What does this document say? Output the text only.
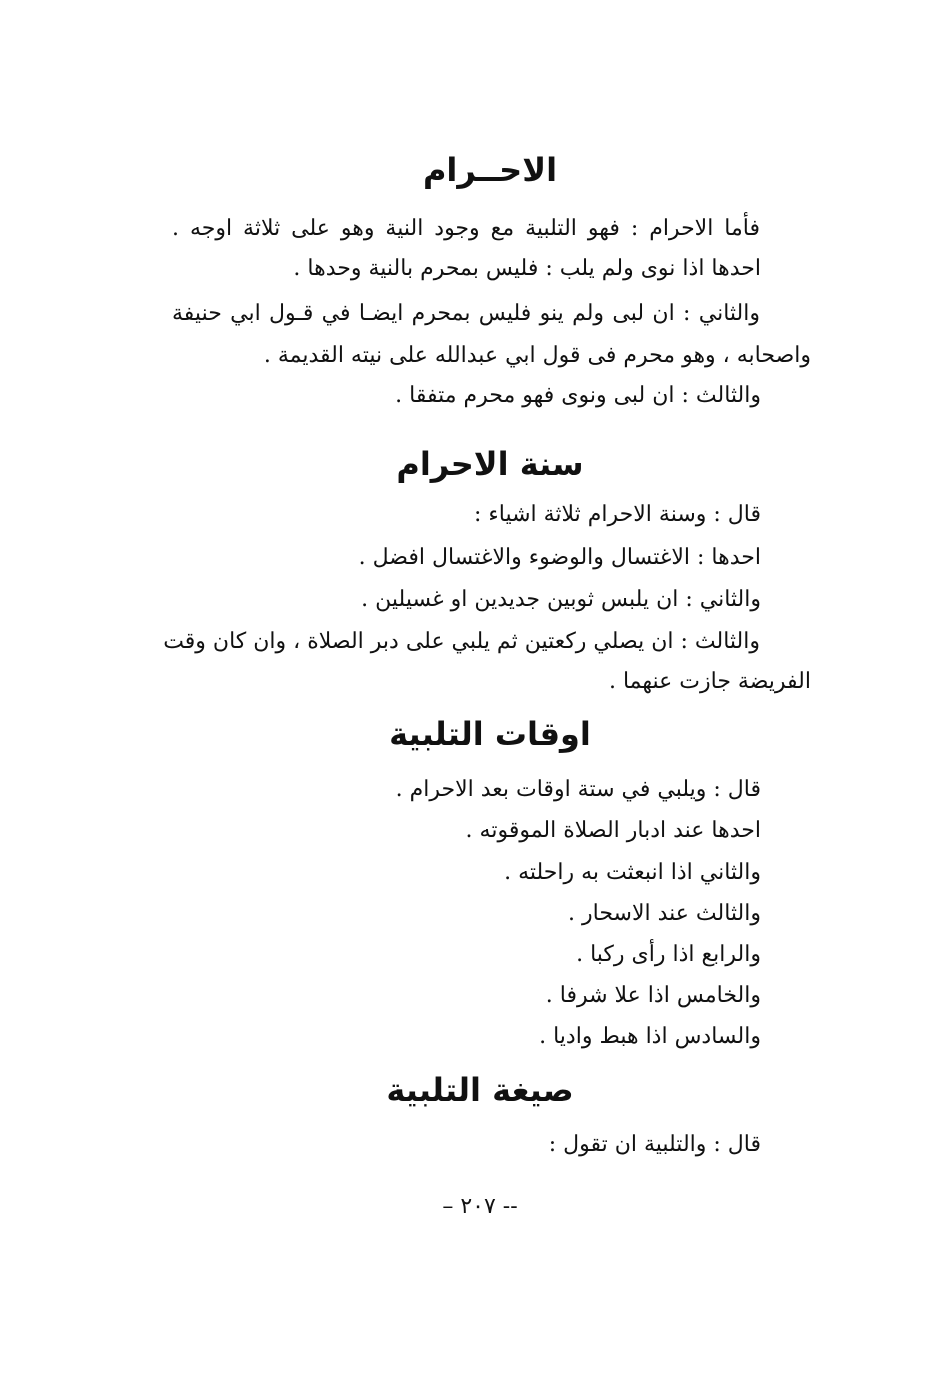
الاحــرام

فأما الاحرام : فهو التلبية مع وجود النية وهو على ثلاثة اوجه ‌.

احدها اذا نوى ولم يلب : فليس بمحرم بالنية وحدها .

والثاني : ان لبى ولم ينو فليس بمحرم ايضـا في قـول ابي حنيفة

واصحابه ، وهو محرم فى قول ابي عبدالله على نيته القديمة .

والثالث : ان لبى ونوى فهو محرم متفقا .

سنة الاحرام

قال : وسنة الاحرام ثلاثة اشياء :

احدها : الاغتسال والوضوء والاغتسال افضل .

والثاني : ان يلبس ثوبين جديدين او غسيلين .

والثالث : ان يصلي ركعتين ثم يلبي على دبر الصلاة ، وان كان وقت

الفريضة جازت عنهما .

اوقات التلبية

قال : ويلبي في ستة اوقات بعد الاحرام .

احدها عند ادبار الصلاة الموقوته .

والثاني اذا انبعثت به راحلته .

والثالث عند الاسحار .

والرابع اذا رأى ركبا .

والخامس اذا علا شرفا .

والسادس اذا هبط واديا .

صيغة التلبية

قال : والتلبية ان تقول :

– ٢٠٧ --
